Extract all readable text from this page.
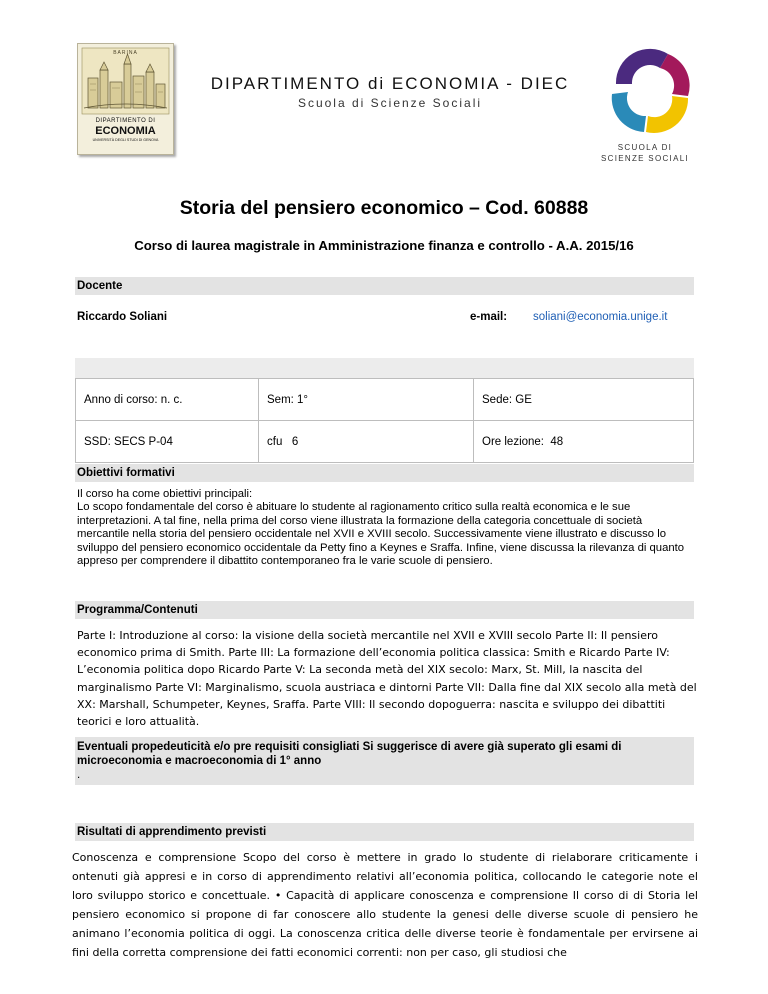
BARINA
DIPARTIMENTO DI
ECONOMIA
UNIVERSITÀ DEGLI STUDI DI GENOVA
DIPARTIMENTO di ECONOMIA - DIEC
Scuola di Scienze Sociali
SCUOLA DI
SCIENZE SOCIALI
Storia del pensiero economico – Cod. 60888
Corso di laurea magistrale in Amministrazione finanza e controllo - A.A. 2015/16
Docente
Riccardo Soliani	e-mail: soliani@economia.unige.it
Anno di corso: n. c.	Sem: 1°	Sede: GE
SSD: SECS P-04	cfu   6	Ore lezione:  48
Obiettivi formativi
Il corso ha come obiettivi principali:
Lo scopo fondamentale del corso è abituare lo studente al ragionamento critico sulla realtà economica e le sue interpretazioni. A tal fine, nella prima del corso viene illustrata la formazione della categoria concettuale di società mercantile nella storia del pensiero occidentale nel XVII e XVIII secolo. Successivamente viene illustrato e discusso lo sviluppo del pensiero economico occidentale da Petty fino a Keynes e Sraffa. Infine, viene discussa la rilevanza di quanto appreso per comprendere il dibattito contemporaneo fra le varie scuole di pensiero.
Programma/Contenuti
Parte I: Introduzione al corso: la visione della società mercantile nel XVII e XVIII secolo Parte II: Il pensiero economico prima di Smith. Parte III: La formazione dell’economia politica classica: Smith e Ricardo Parte IV: L’economia politica dopo Ricardo Parte V: La seconda metà del XIX secolo: Marx, St. Mill, la nascita del marginalismo Parte VI: Marginalismo, scuola austriaca e dintorni Parte VII: Dalla fine dal XIX secolo alla metà del XX: Marshall, Schumpeter, Keynes, Sraffa. Parte VIII: Il secondo dopoguerra: nascita e sviluppo dei dibattiti teorici e loro attualità.
Eventuali propedeuticità e/o pre requisiti consigliati Si suggerisce di avere già superato gli esami di microeconomia e macroeconomia di 1° anno
.
Risultati di apprendimento previsti
Conoscenza e comprensione Scopo del corso è mettere in grado lo studente di rielaborare criticamente i ontenuti già appresi e in corso di apprendimento relativi all’economia politica, collocando le categorie note el loro sviluppo storico e concettuale. • Capacità di applicare conoscenza e comprensione Il corso di di Storia lel pensiero economico si propone di far conoscere allo studente la genesi delle diverse scuole di pensiero he animano l’economia politica di oggi. La conoscenza critica delle diverse teorie è fondamentale per ervirsene ai fini della corretta comprensione dei fatti economici correnti: non per caso, gli studiosi che
